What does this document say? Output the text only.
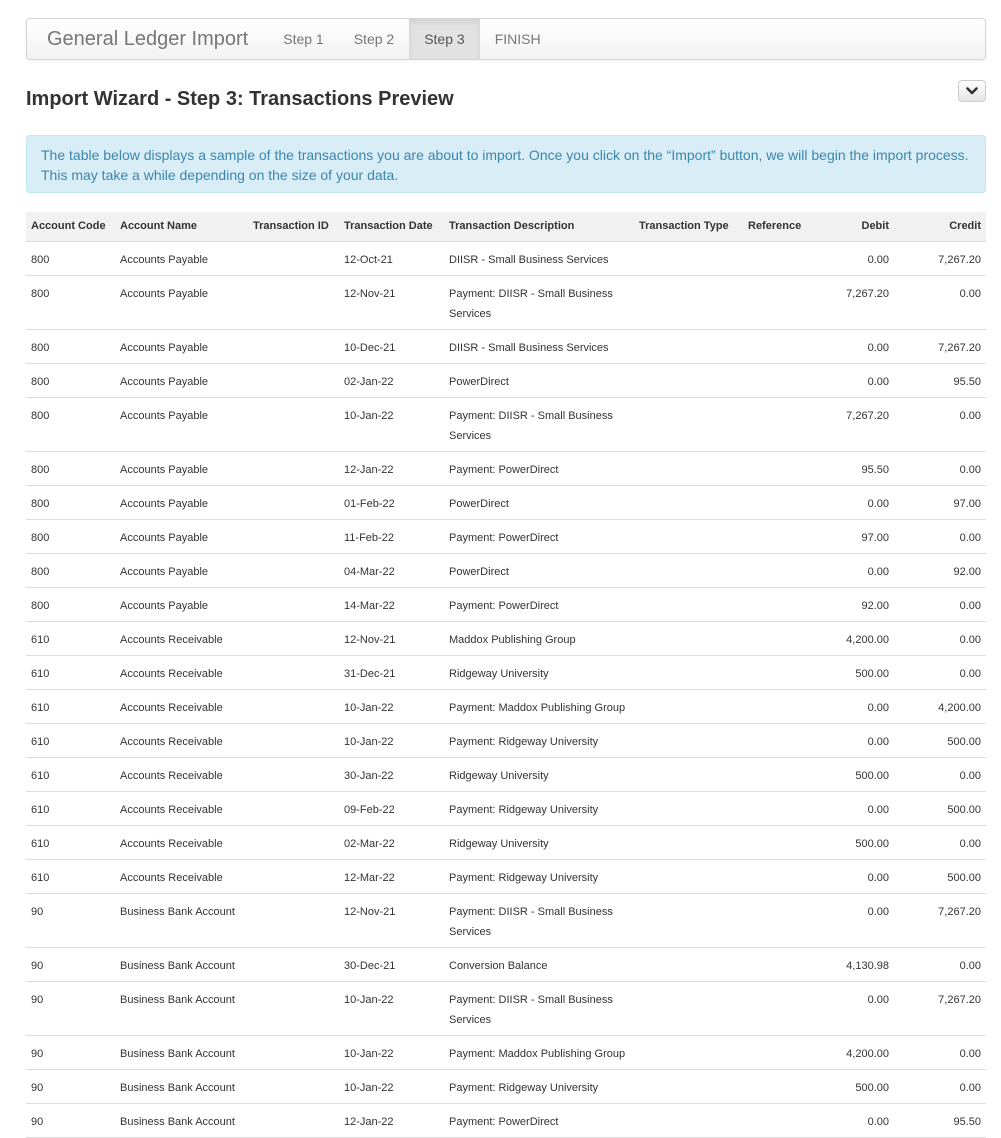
General Ledger Import	Step 1	Step 2	Step 3	FINISH
Import Wizard - Step 3: Transactions Preview
The table below displays a sample of the transactions you are about to import. Once you click on the “Import” button, we will begin the import process. This may take a while depending on the size of your data.
Account Code	Account Name	Transaction ID	Transaction Date	Transaction Description	Transaction Type	Reference	Debit	Credit
800	Accounts Payable		12-Oct-21	DIISR - Small Business Services			0.00	7,267.20
800	Accounts Payable		12-Nov-21	Payment: DIISR - Small Business Services			7,267.20	0.00
800	Accounts Payable		10-Dec-21	DIISR - Small Business Services			0.00	7,267.20
800	Accounts Payable		02-Jan-22	PowerDirect			0.00	95.50
800	Accounts Payable		10-Jan-22	Payment: DIISR - Small Business Services			7,267.20	0.00
800	Accounts Payable		12-Jan-22	Payment: PowerDirect			95.50	0.00
800	Accounts Payable		01-Feb-22	PowerDirect			0.00	97.00
800	Accounts Payable		11-Feb-22	Payment: PowerDirect			97.00	0.00
800	Accounts Payable		04-Mar-22	PowerDirect			0.00	92.00
800	Accounts Payable		14-Mar-22	Payment: PowerDirect			92.00	0.00
610	Accounts Receivable		12-Nov-21	Maddox Publishing Group			4,200.00	0.00
610	Accounts Receivable		31-Dec-21	Ridgeway University			500.00	0.00
610	Accounts Receivable		10-Jan-22	Payment: Maddox Publishing Group			0.00	4,200.00
610	Accounts Receivable		10-Jan-22	Payment: Ridgeway University			0.00	500.00
610	Accounts Receivable		30-Jan-22	Ridgeway University			500.00	0.00
610	Accounts Receivable		09-Feb-22	Payment: Ridgeway University			0.00	500.00
610	Accounts Receivable		02-Mar-22	Ridgeway University			500.00	0.00
610	Accounts Receivable		12-Mar-22	Payment: Ridgeway University			0.00	500.00
90	Business Bank Account		12-Nov-21	Payment: DIISR - Small Business Services			0.00	7,267.20
90	Business Bank Account		30-Dec-21	Conversion Balance			4,130.98	0.00
90	Business Bank Account		10-Jan-22	Payment: DIISR - Small Business Services			0.00	7,267.20
90	Business Bank Account		10-Jan-22	Payment: Maddox Publishing Group			4,200.00	0.00
90	Business Bank Account		10-Jan-22	Payment: Ridgeway University			500.00	0.00
90	Business Bank Account		12-Jan-22	Payment: PowerDirect			0.00	95.50
